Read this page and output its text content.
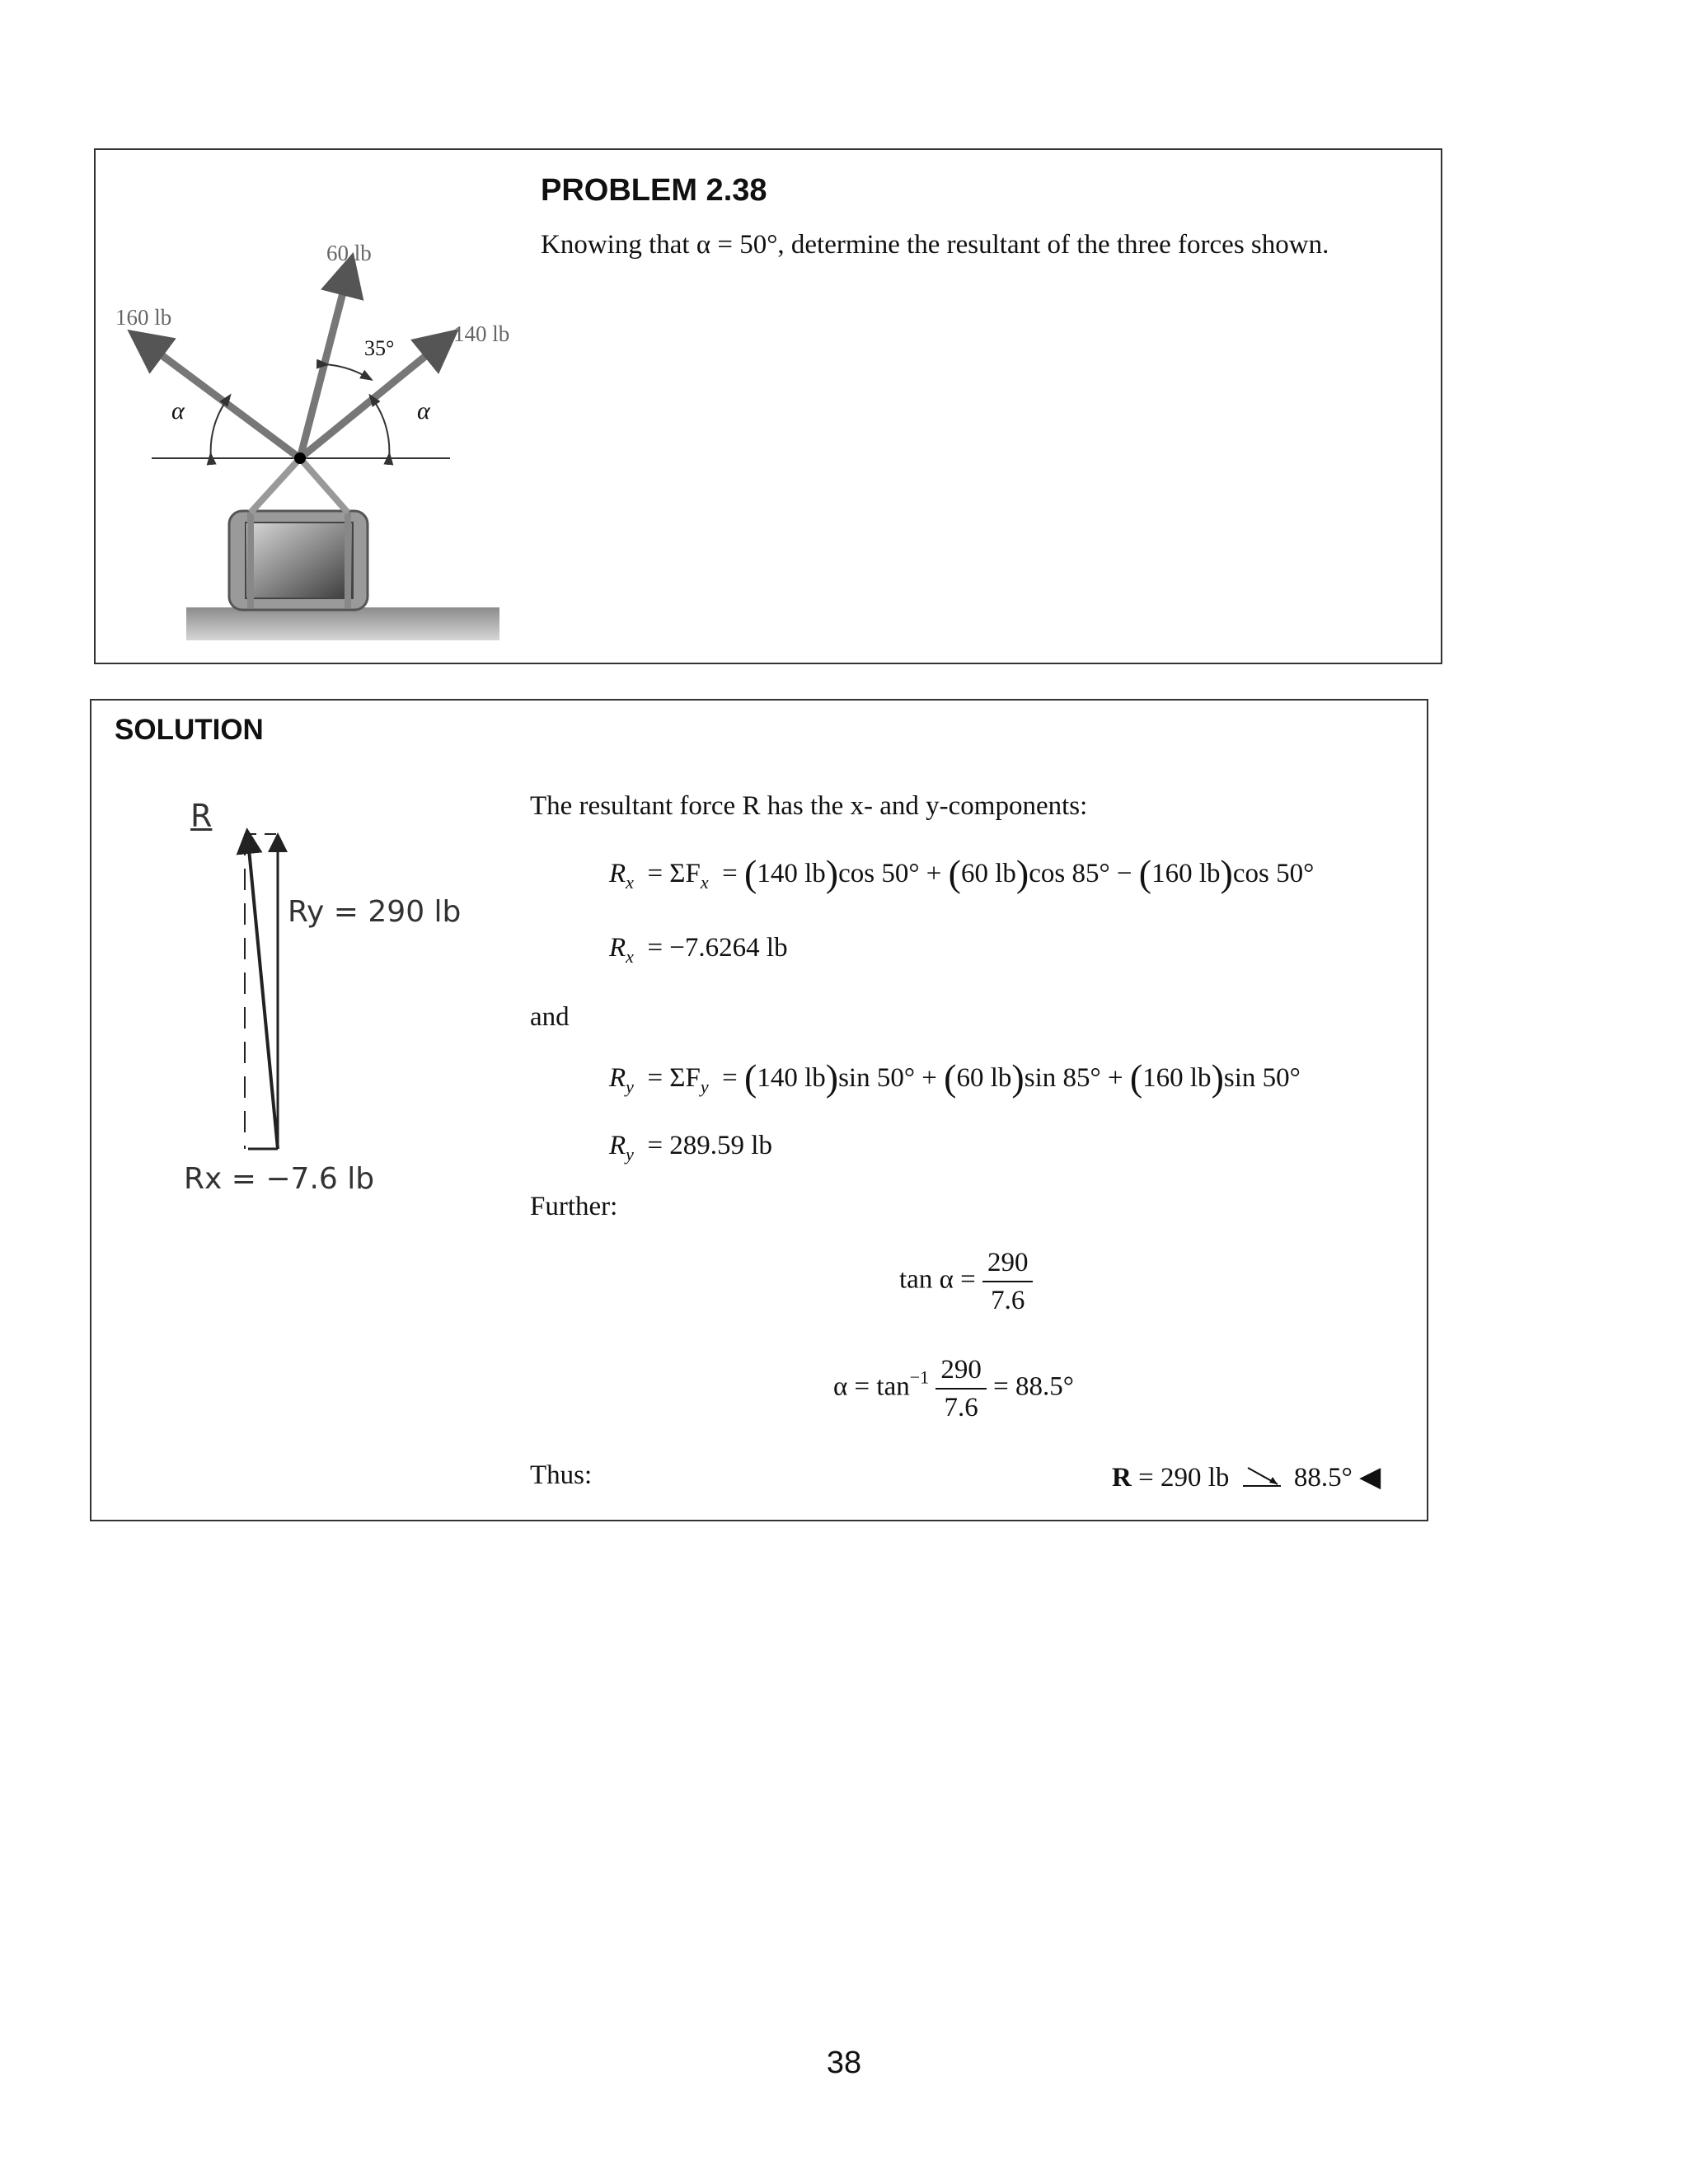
160 lb
60 lb
140 lb
35°
α	α
PROBLEM 2.38
Knowing that α = 50°, determine the resultant of the three forces shown.
SOLUTION
R
Ry = 290 lb
Rx = −7.6 lb
The resultant force R has the x- and y-components:
$R_x = \Sigma F_x = (140$ lb)cos 50° + (60 lb)cos 85° − (160 lb)cos 50°
$R_x = -7.6264$ lb
and
$R_y = \Sigma F_y = (140$ lb)sin 50° + (60 lb)sin 85° + (160 lb)sin 50°
$R_y = 289.59$ lb
Further:
$\tan \alpha = \frac{290}{7.6}$
$\alpha = \tan^{-1} \frac{290}{7.6} = 88.5^\circ$
Thus:	R = 290 lb 88.5° ◀
38
